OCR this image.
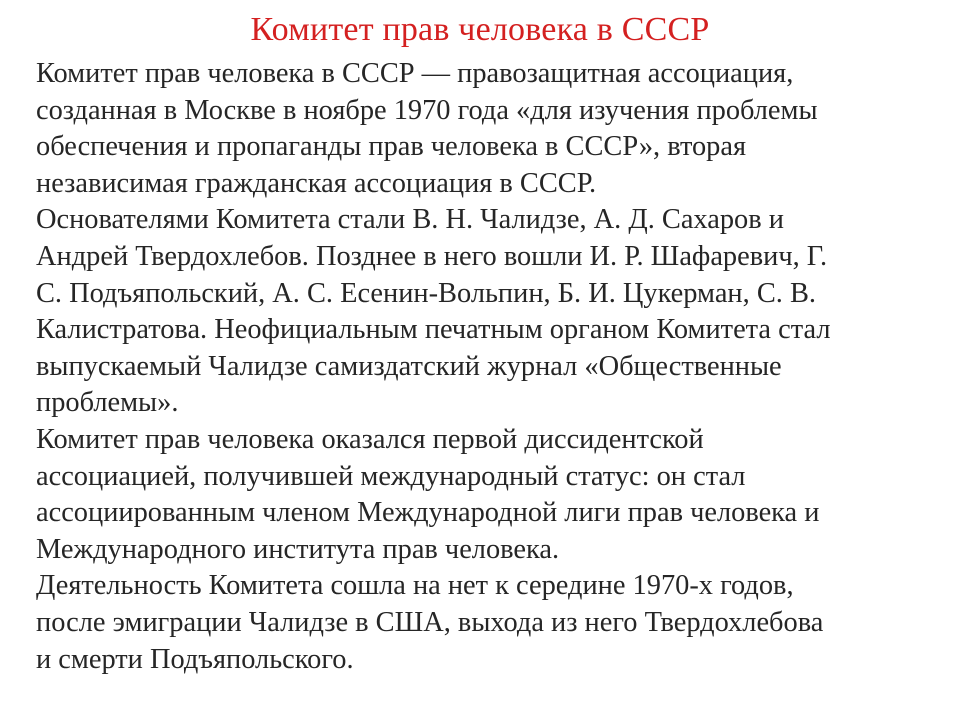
Комитет прав человека в СССР

Комитет прав человека в СССР — правозащитная ассоциация,
созданная в Москве в ноябре 1970 года «для изучения проблемы
обеспечения и пропаганды прав человека в СССР», вторая
независимая гражданская ассоциация в СССР.

Основателями Комитета стали В. Н. Чалидзе, А. Д. Сахаров и
Андрей Твердохлебов. Позднее в него вошли И. Р. Шафаревич, Г.
С. Подъяпольский, А. С. Есенин-Вольпин, Б. И. Цукерман, С. В.
Калистратова. Неофициальным печатным органом Комитета стал
выпускаемый Чалидзе самиздатский журнал «Общественные
проблемы».

Комитет прав человека оказался первой диссидентской
ассоциацией, получившей международный статус: он стал
ассоциированным членом Международной лиги прав человека и
Международного института прав человека.

Деятельность Комитета сошла на нет к середине 1970-х годов,
после эмиграции Чалидзе в США, выхода из него Твердохлебова
и смерти Подъяпольского.
